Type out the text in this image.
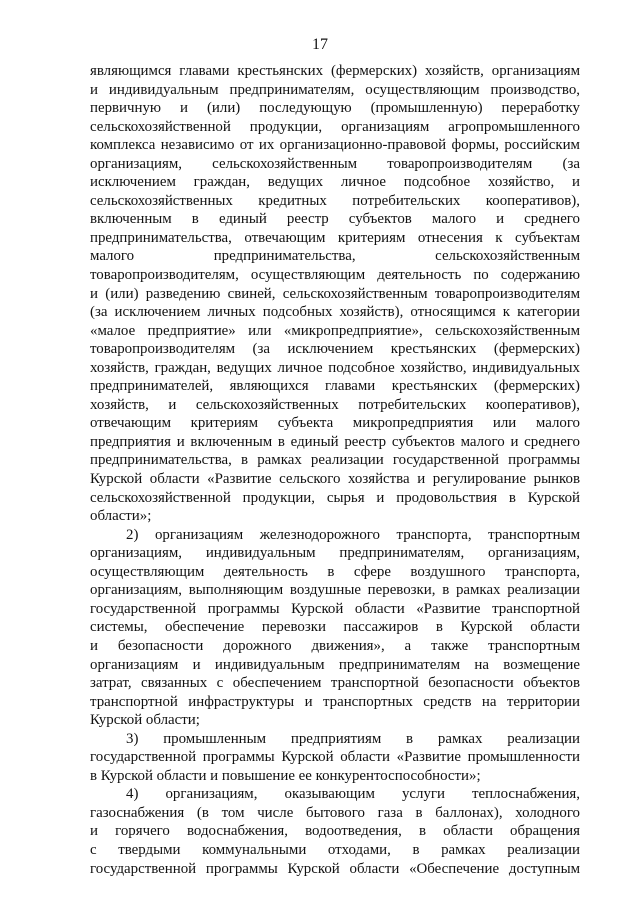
17
являющимся главами крестьянских (фермерских) хозяйств, организациям
и индивидуальным предпринимателям, осуществляющим производство,
первичную и (или) последующую (промышленную) переработку
сельскохозяйственной продукции, организациям агропромышленного
комплекса независимо от их организационно-правовой формы, российским
организациям, сельскохозяйственным товаропроизводителям (за
исключением граждан, ведущих личное подсобное хозяйство, и
сельскохозяйственных кредитных потребительских кооперативов),
включенным в единый реестр субъектов малого и среднего
предпринимательства, отвечающим критериям отнесения к субъектам
малого предпринимательства, сельскохозяйственным
товаропроизводителям, осуществляющим деятельность по содержанию
и (или) разведению свиней, сельскохозяйственным товаропроизводителям
(за исключением личных подсобных хозяйств), относящимся к категории
«малое предприятие» или «микропредприятие», сельскохозяйственным
товаропроизводителям (за исключением крестьянских (фермерских)
хозяйств, граждан, ведущих личное подсобное хозяйство, индивидуальных
предпринимателей, являющихся главами крестьянских (фермерских)
хозяйств, и сельскохозяйственных потребительских кооперативов),
отвечающим критериям субъекта микропредприятия или малого
предприятия и включенным в единый реестр субъектов малого и среднего
предпринимательства, в рамках реализации государственной программы
Курской области «Развитие сельского хозяйства и регулирование рынков
сельскохозяйственной продукции, сырья и продовольствия в Курской
области»;
2) организациям железнодорожного транспорта, транспортным
организациям, индивидуальным предпринимателям, организациям,
осуществляющим деятельность в сфере воздушного транспорта,
организациям, выполняющим воздушные перевозки, в рамках реализации
государственной программы Курской области «Развитие транспортной
системы, обеспечение перевозки пассажиров в Курской области
и безопасности дорожного движения», а также транспортным
организациям и индивидуальным предпринимателям на возмещение
затрат, связанных с обеспечением транспортной безопасности объектов
транспортной инфраструктуры и транспортных средств на территории
Курской области;
3) промышленным предприятиям в рамках реализации
государственной программы Курской области «Развитие промышленности
в Курской области и повышение ее конкурентоспособности»;
4) организациям, оказывающим услуги теплоснабжения,
газоснабжения (в том числе бытового газа в баллонах), холодного
и горячего водоснабжения, водоотведения, в области обращения
с твердыми коммунальными отходами, в рамках реализации
государственной программы Курской области «Обеспечение доступным
